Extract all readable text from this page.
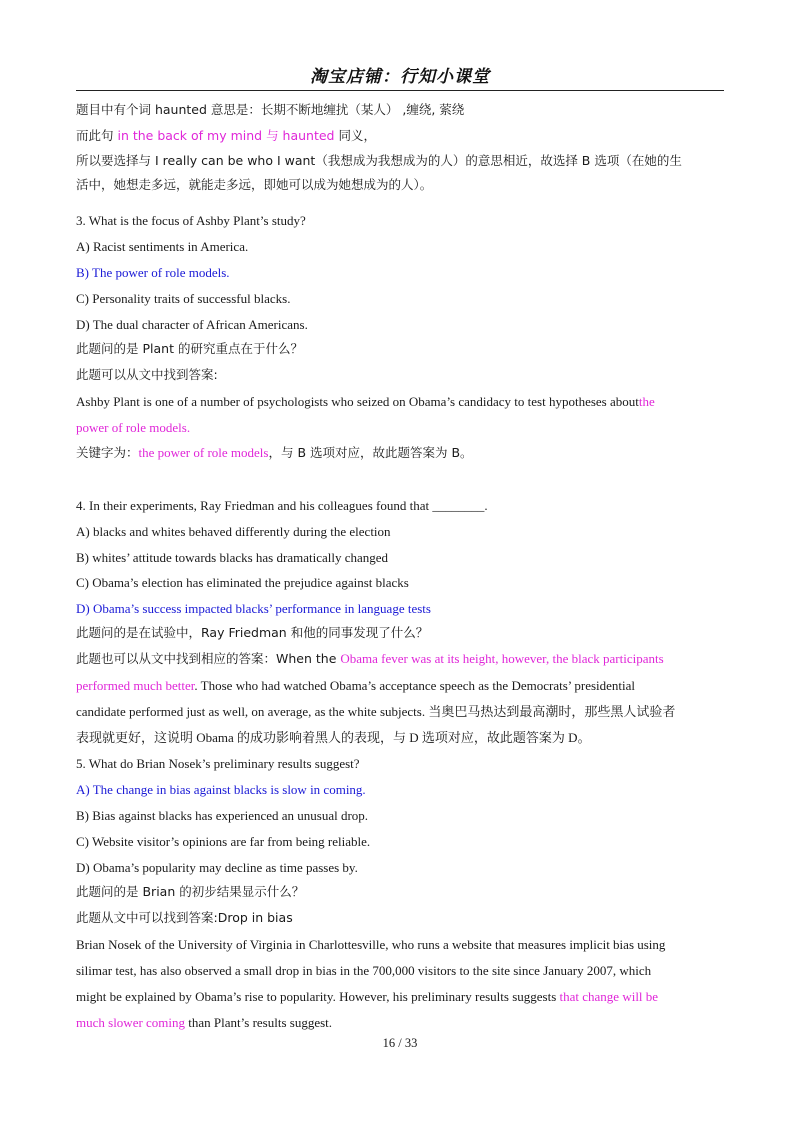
淘宝店铺：行知小课堂
题目中有个词 haunted 意思是：长期不断地缠扰（某人） ,缠绕, 萦绕
而此句 in the back of my mind 与 haunted 同义，
所以要选择与 I really can be who I want（我想成为我想成为的人）的意思相近，故选择 B 选项（在她的生
活中，她想走多远，就能走多远，即她可以成为她想成为的人）。
3. What is the focus of Ashby Plant’s study?
A) Racist sentiments in America.
B) The power of role models.
C) Personality traits of successful blacks.
D) The dual character of African Americans.
此题问的是 Plant 的研究重点在于什么？
此题可以从文中找到答案:
Ashby Plant is one of a number of psychologists who seized on Obama’s candidacy to test hypotheses aboutthe
power of role models.
关键字为：the power of role models，与 B 选项对应，故此题答案为 B。
4. In their experiments, Ray Friedman and his colleagues found that ________.
A) blacks and whites behaved differently during the election
B) whites’ attitude towards blacks has dramatically changed
C) Obama’s election has eliminated the prejudice against blacks
D) Obama’s success impacted blacks’ performance in language tests
此题问的是在试验中，Ray Friedman 和他的同事发现了什么？
此题也可以从文中找到相应的答案：When the Obama fever was at its height, however, the black participants
performed much better. Those who had watched Obama’s acceptance speech as the Democrats’ presidential
candidate performed just as well, on average, as the white subjects. 当奥巴马热达到最高潮时，那些黑人试验者
表现就更好，这说明 Obama 的成功影响着黑人的表现，与 D 选项对应，故此题答案为 D。
5. What do Brian Nosek’s preliminary results suggest?
A) The change in bias against blacks is slow in coming.
B) Bias against blacks has experienced an unusual drop.
C) Website visitor’s opinions are far from being reliable.
D) Obama’s popularity may decline as time passes by.
此题问的是 Brian 的初步结果显示什么？
此题从文中可以找到答案:Drop in bias
Brian Nosek of the University of Virginia in Charlottesville, who runs a website that measures implicit bias using
silimar test, has also observed a small drop in bias in the 700,000 visitors to the site since January 2007, which
might be explained by Obama’s rise to popularity. However, his preliminary results suggests that change will be
much slower coming than Plant’s results suggest.
16 / 33
